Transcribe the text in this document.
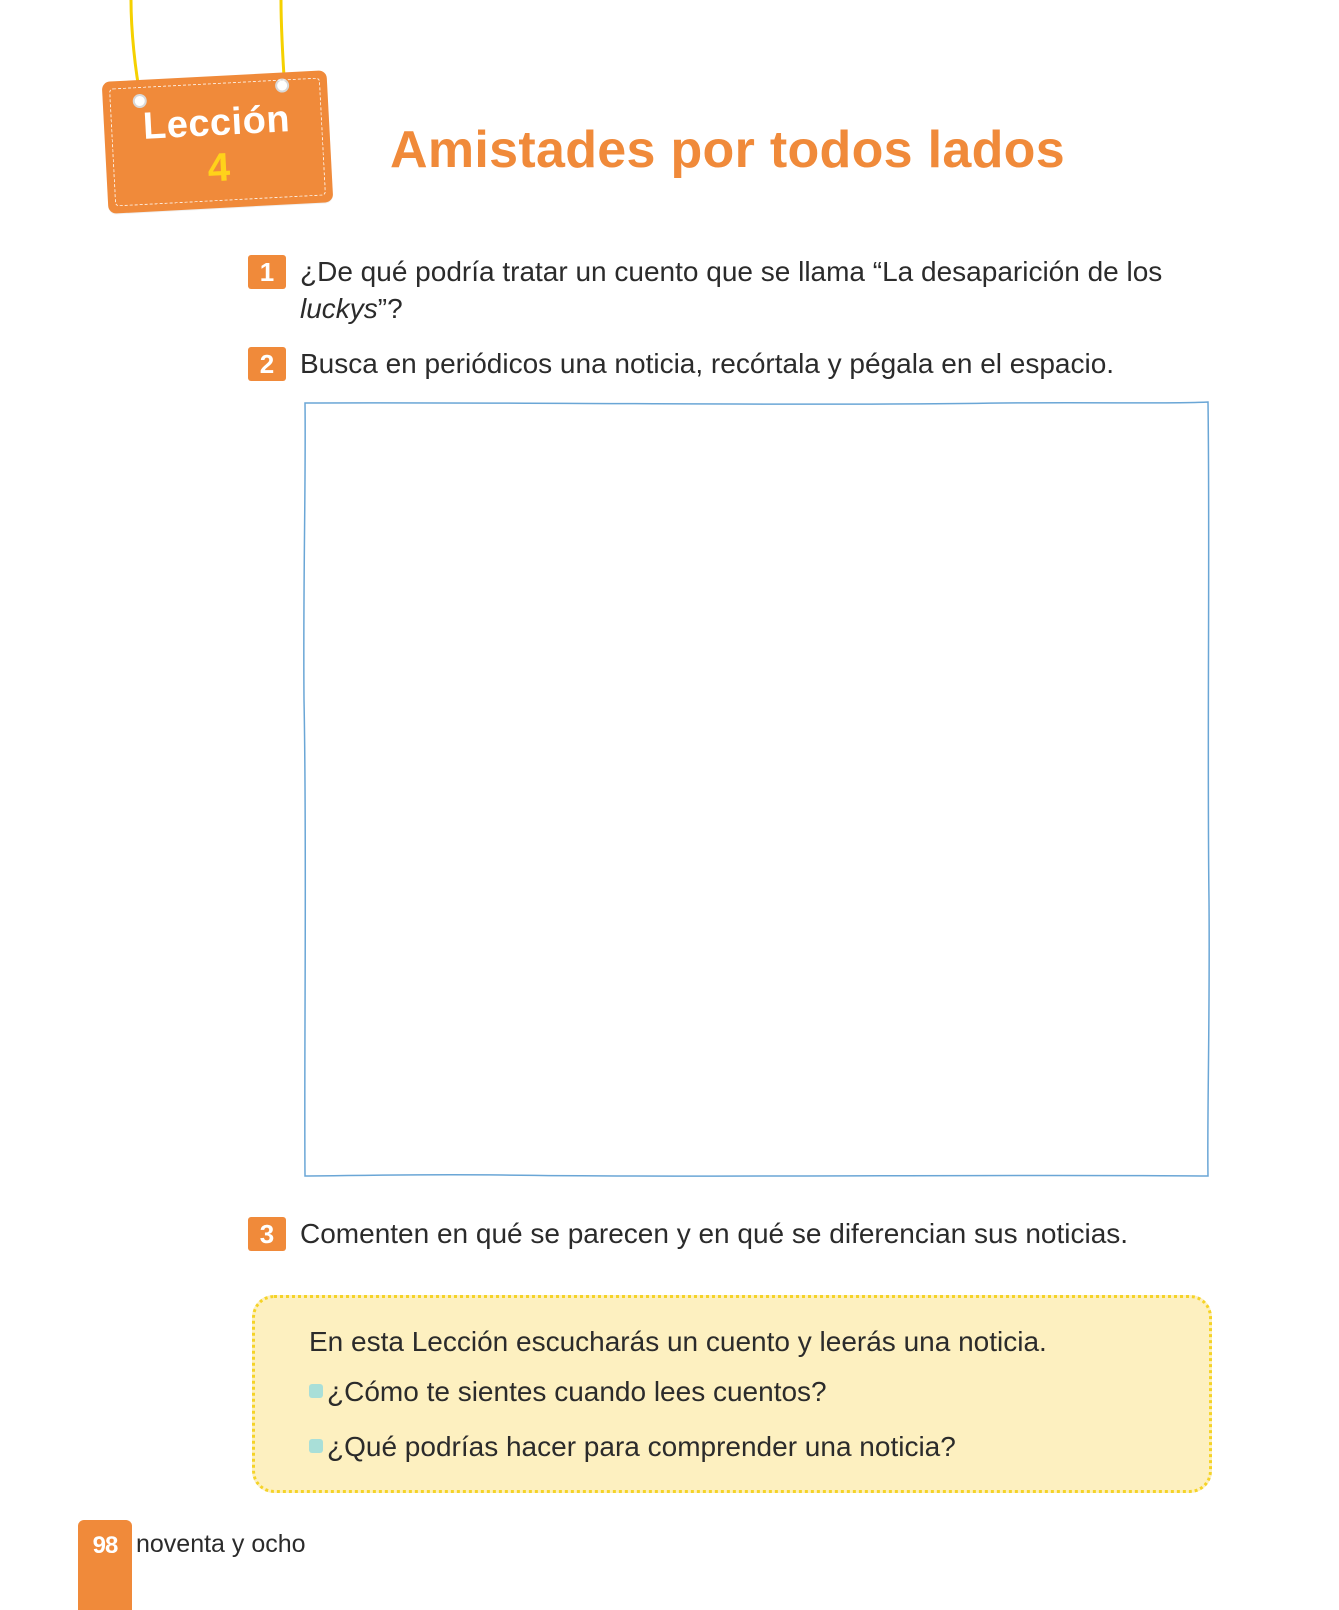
Lección
4	Amistades por todos lados
1 ¿De qué podría tratar un cuento que se llama “La desaparición de los
luckys”?
2 Busca en periódicos una noticia, recórtala y pégala en el espacio.
3 Comenten en qué se parecen y en qué se diferencian sus noticias.
En esta Lección escucharás un cuento y leerás una noticia.
¿Cómo te sientes cuando lees cuentos?
¿Qué podrías hacer para comprender una noticia?
98 noventa y ocho
